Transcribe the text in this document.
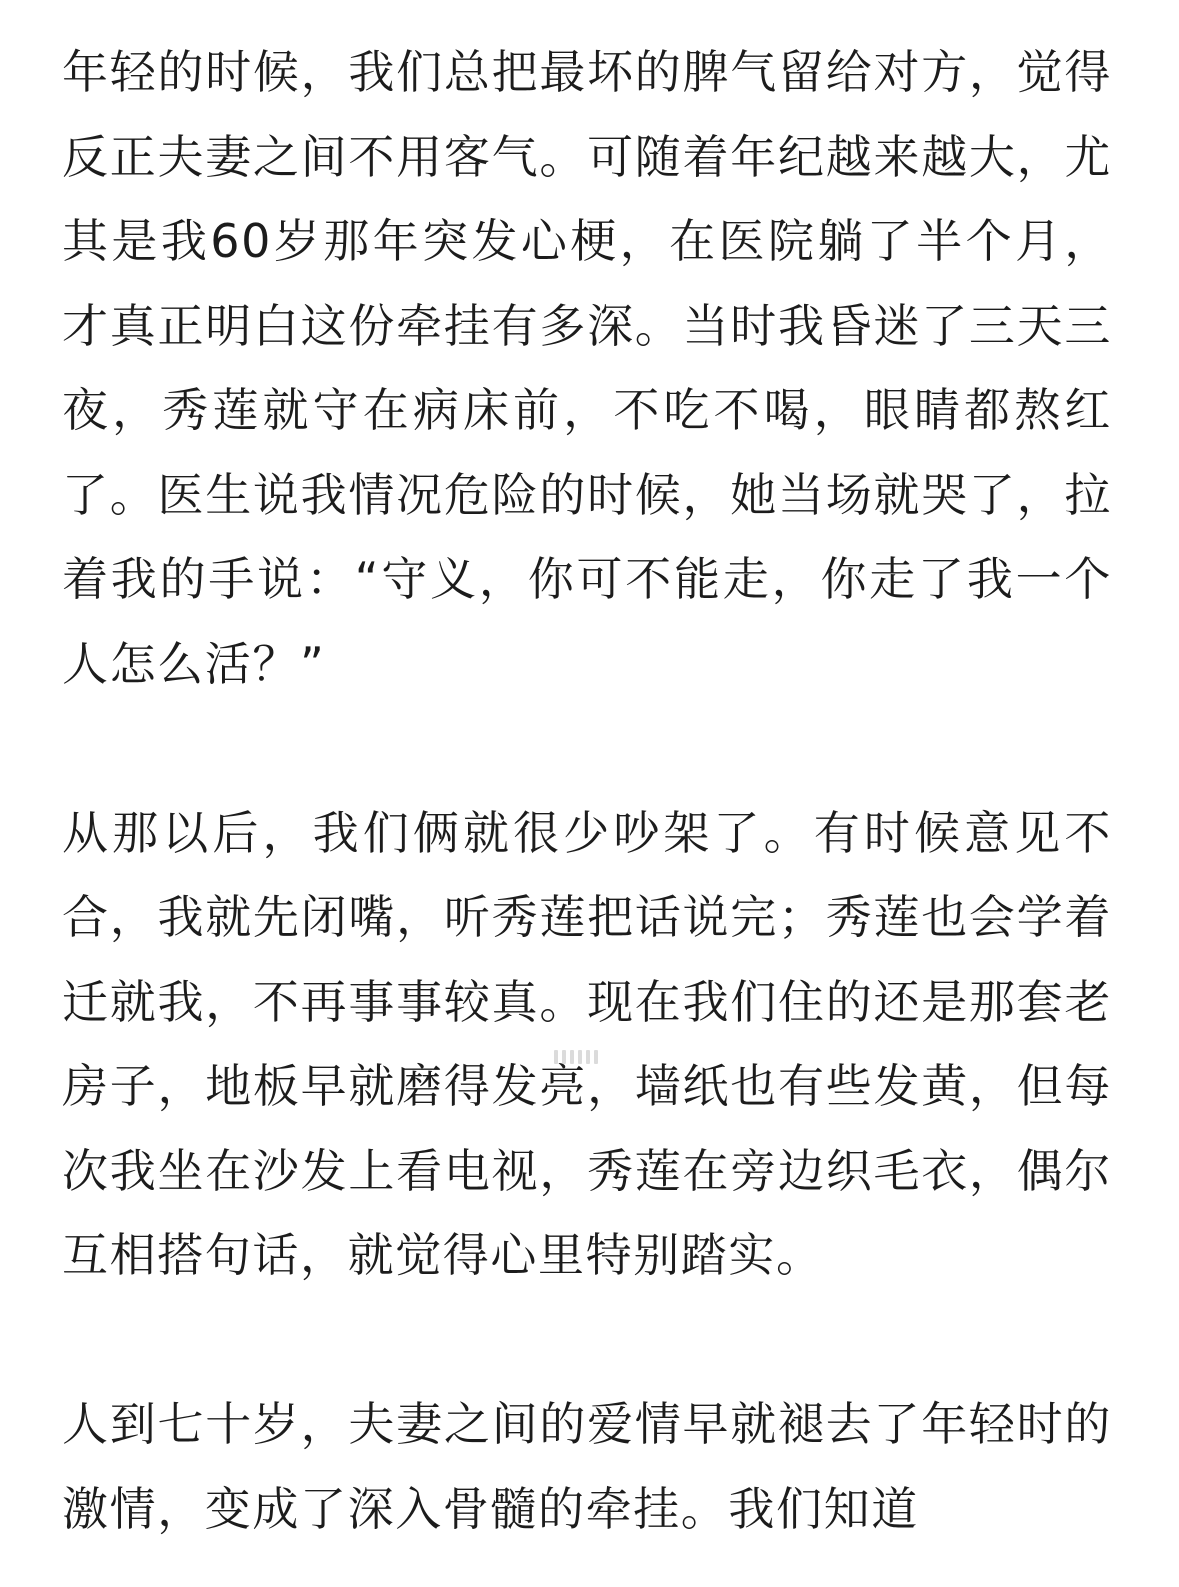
年轻的时候，我们总把最坏的脾气留给对方，觉得反正夫妻之间不用客气。可随着年纪越来越大，尤其是我60岁那年突发心梗，在医院躺了半个月，才真正明白这份牵挂有多深。当时我昏迷了三天三夜，秀莲就守在病床前，不吃不喝，眼睛都熬红了。医生说我情况危险的时候，她当场就哭了，拉着我的手说：“守义，你可不能走，你走了我一个人怎么活？”

从那以后，我们俩就很少吵架了。有时候意见不合，我就先闭嘴，听秀莲把话说完；秀莲也会学着迁就我，不再事事较真。现在我们住的还是那套老房子，地板早就磨得发亮，墙纸也有些发黄，但每次我坐在沙发上看电视，秀莲在旁边织毛衣，偶尔互相搭句话，就觉得心里特别踏实。

人到七十岁，夫妻之间的爱情早就褪去了年轻时的激情，变成了深入骨髓的牵挂。我们知道
